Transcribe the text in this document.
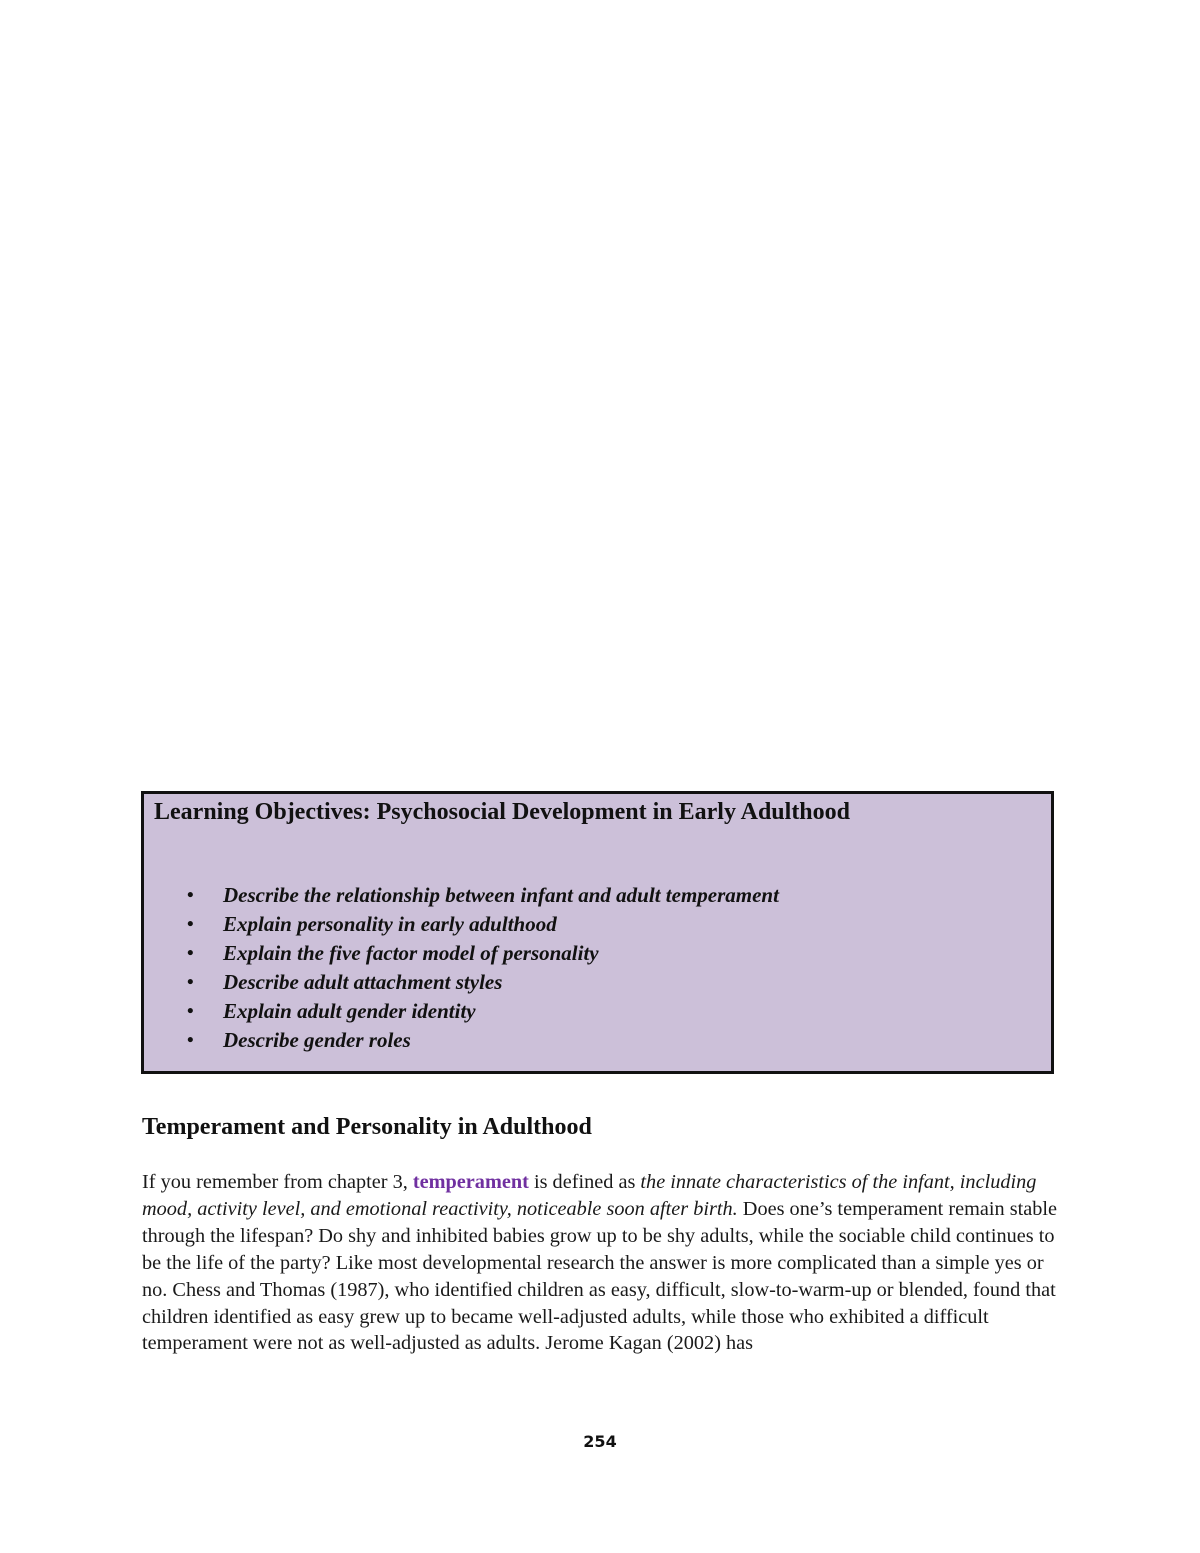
Learning Objectives: Psychosocial Development in Early Adulthood
• Describe the relationship between infant and adult temperament
• Explain personality in early adulthood
• Explain the five factor model of personality
• Describe adult attachment styles
• Explain adult gender identity
• Describe gender roles
Temperament and Personality in Adulthood

If you remember from chapter 3, temperament is defined as the innate characteristics of the infant, including mood, activity level, and emotional reactivity, noticeable soon after birth. Does one’s temperament remain stable through the lifespan? Do shy and inhibited babies grow up to be shy adults, while the sociable child continues to be the life of the party? Like most developmental research the answer is more complicated than a simple yes or no. Chess and Thomas (1987), who identified children as easy, difficult, slow-to-warm-up or blended, found that children identified as easy grew up to became well-adjusted adults, while those who exhibited a difficult temperament were not as well-adjusted as adults. Jerome Kagan (2002) has

254
